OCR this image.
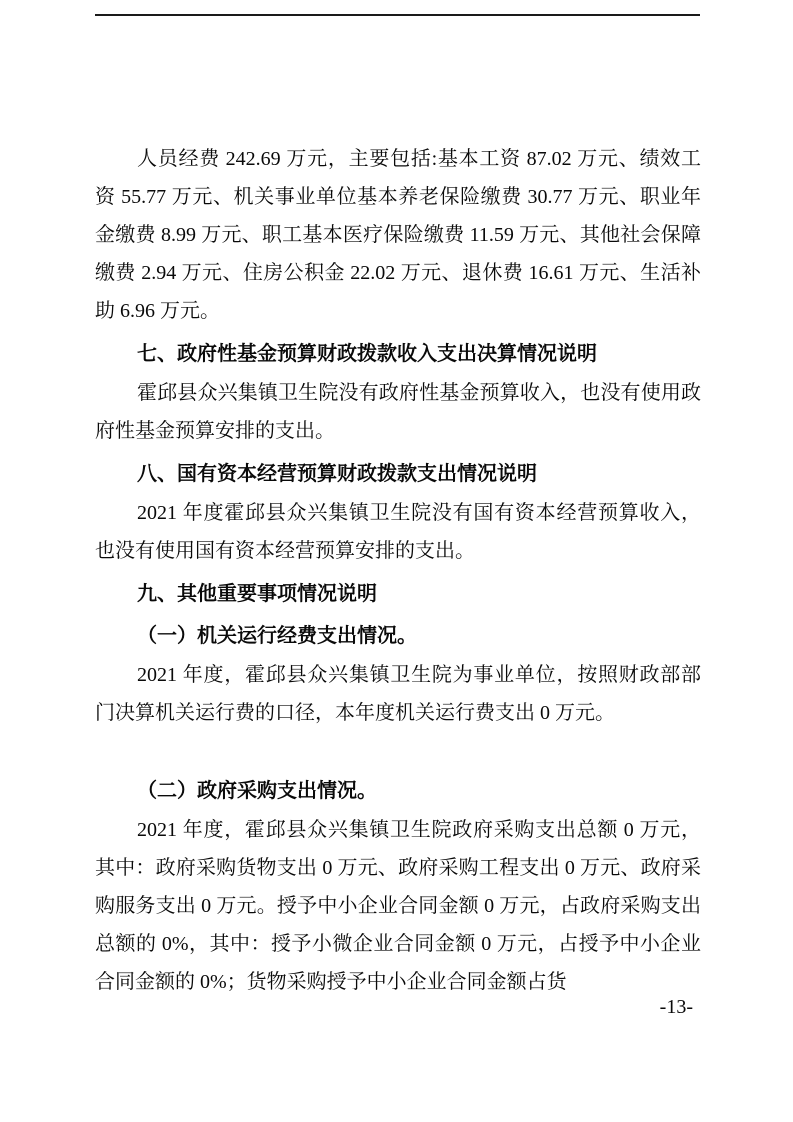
人员经费 242.69 万元，主要包括:基本工资 87.02 万元、绩效工资 55.77 万元、机关事业单位基本养老保险缴费 30.77 万元、职业年金缴费 8.99 万元、职工基本医疗保险缴费 11.59 万元、其他社会保障缴费 2.94 万元、住房公积金 22.02 万元、退休费 16.61 万元、生活补助 6.96 万元。

七、政府性基金预算财政拨款收入支出决算情况说明

霍邱县众兴集镇卫生院没有政府性基金预算收入，也没有使用政府性基金预算安排的支出。

八、国有资本经营预算财政拨款支出情况说明

2021 年度霍邱县众兴集镇卫生院没有国有资本经营预算收入，也没有使用国有资本经营预算安排的支出。

九、其他重要事项情况说明
（一）机关运行经费支出情况。

2021 年度，霍邱县众兴集镇卫生院为事业单位，按照财政部部门决算机关运行费的口径，本年度机关运行费支出 0 万元。

（二）政府采购支出情况。

2021 年度，霍邱县众兴集镇卫生院政府采购支出总额 0 万元，其中：政府采购货物支出 0 万元、政府采购工程支出 0 万元、政府采购服务支出 0 万元。授予中小企业合同金额 0 万元，占政府采购支出总额的 0%，其中：授予小微企业合同金额 0 万元，占授予中小企业合同金额的 0%；货物采购授予中小企业合同金额占货

-13-
